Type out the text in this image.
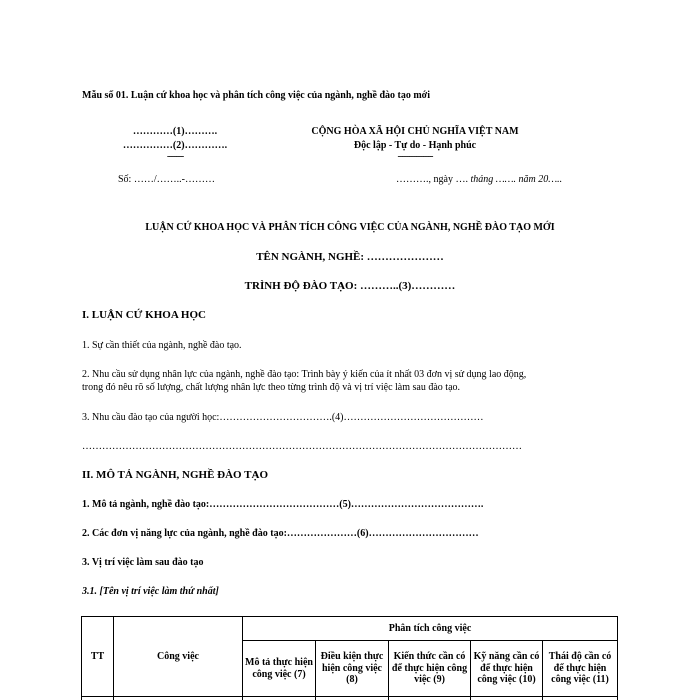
Mẫu số 01. Luận cứ khoa học và phân tích công việc của ngành, nghề đào tạo mới
…………(1)……….
……………(2)………….
-------
Số: ……/……..-………
CỘNG HÒA XÃ HỘI CHỦ NGHĨA VIỆT NAM
Độc lập - Tự do - Hạnh phúc
---------------
………., ngày …. tháng ……. năm 20…..
LUẬN CỨ KHOA HỌC VÀ PHÂN TÍCH CÔNG VIỆC CỦA NGÀNH, NGHỀ ĐÀO TẠO MỚI
TÊN NGÀNH, NGHỀ: …………………
TRÌNH ĐỘ ĐÀO TẠO: ………..(3)…………
I. LUẬN CỨ KHOA HỌC
1. Sự cần thiết của ngành, nghề đào tạo.
2. Nhu cầu sử dụng nhân lực của ngành, nghề đào tạo: Trình bày ý kiến của ít nhất 03 đơn vị sử dụng lao động,
trong đó nêu rõ số lượng, chất lượng nhân lực theo từng trình độ và vị trí việc làm sau đào tạo.
3. Nhu cầu đào tạo của người học:…………………………….(4)……………………………………
……………………………………………………………………………………………………………………
II. MÔ TẢ NGÀNH, NGHỀ ĐÀO TẠO
1. Mô tả ngành, nghề đào tạo:…………………………………(5)………………………………….
2. Các đơn vị năng lực của ngành, nghề đào tạo:…………………(6)……………………………
3. Vị trí việc làm sau đào tạo
3.1. [Tên vị trí việc làm thứ nhất]
TT	Công việc	Phân tích công việc				
		Mô tả thực hiện công việc (7)	Điều kiện thực hiện công việc (8)	Kiến thức cần có để thực hiện công việc (9)	Kỹ năng cần có để thực hiện công việc (10)	Thái độ cần có để thực hiện công việc (11)
